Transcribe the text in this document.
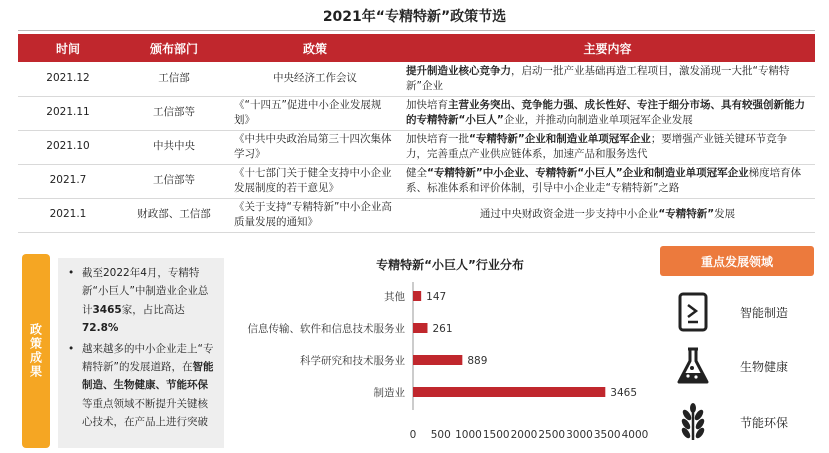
2021年“专精特新”政策节选
时间	颁布部门	政策	主要内容
2021.12	工信部	中央经济工作会议	提升制造业核心竞争力，启动一批产业基础再造工程项目，激发涌现一大批“专精特新”企业
2021.11	工信部等	《“十四五”促进中小企业发展规划》	加快培育主营业务突出、竞争能力强、成长性好、专注于细分市场、具有较强创新能力的专精特新“小巨人”企业，并推动向制造业单项冠军企业发展
2021.10	中共中央	《中共中央政治局第三十四次集体学习》	加快培育一批“专精特新”企业和制造业单项冠军企业；要增强产业链关键环节竞争力，完善重点产业供应链体系，加速产品和服务迭代
2021.7	工信部等	《十七部门关于健全支持中小企业发展制度的若干意见》	健全“专精特新”中小企业、专精特新“小巨人”企业和制造业单项冠军企业梯度培育体系、标准体系和评价体制，引导中小企业走“专精特新”之路
2021.1	财政部、工信部	《关于支持“专精特新”中小企业高质量发展的通知》	通过中央财政资金进一步支持中小企业“专精特新”发展
政策成果
• 截至2022年4月，专精特新“小巨人”中制造业企业总计3465家，占比高达72.8%
• 越来越多的中小企业走上“专精特新”的发展道路，在智能制造、生物健康、节能环保等重点领域不断提升关键核心技术，在产品上进行突破
专精特新“小巨人”行业分布
其他 147
信息传输、软件和信息技术服务业	261
科学研究和技术服务业	889
制造业	3465
0 500 1000 1500 2000 2500 3000 3500 4000
重点发展领域
智能制造
生物健康
节能环保
